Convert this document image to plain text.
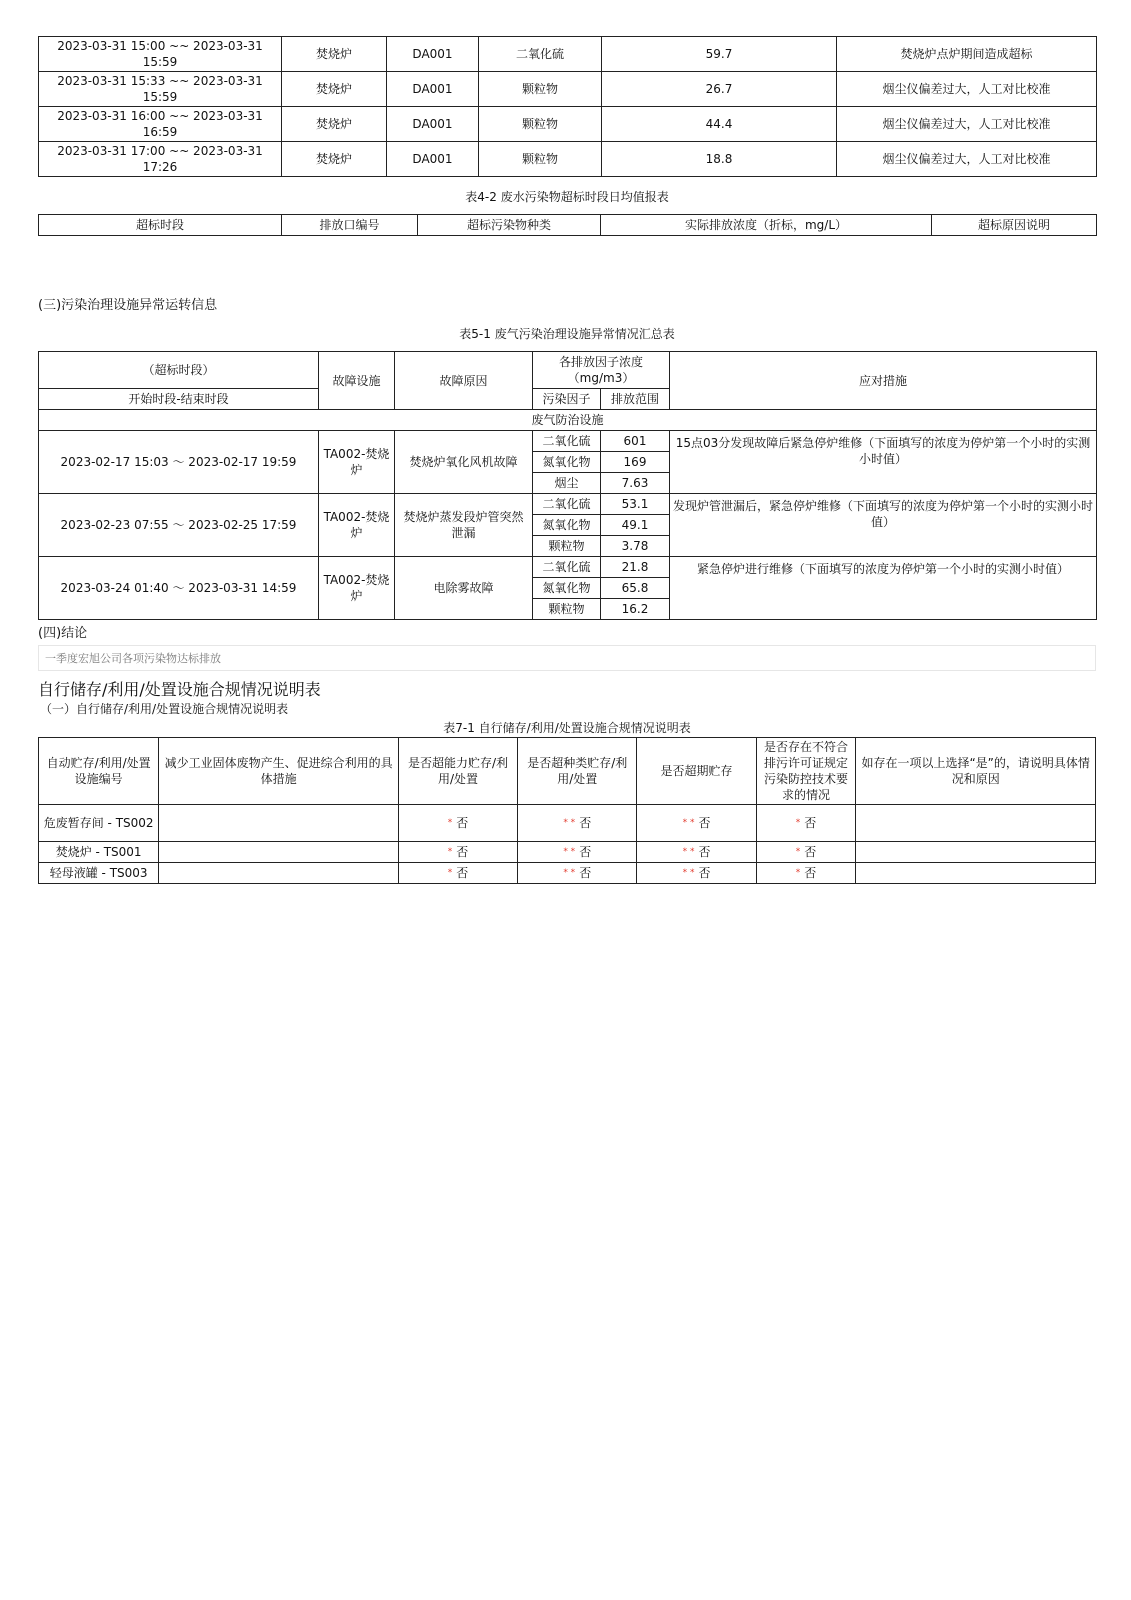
2023-03-31 15:00 ~~ 2023-03-31 15:59	焚烧炉	DA001	二氧化硫	59.7	焚烧炉点炉期间造成超标
2023-03-31 15:33 ~~ 2023-03-31 15:59	焚烧炉	DA001	颗粒物	26.7	烟尘仪偏差过大，人工对比校准
2023-03-31 16:00 ~~ 2023-03-31 16:59	焚烧炉	DA001	颗粒物	44.4	烟尘仪偏差过大，人工对比校准
2023-03-31 17:00 ~~ 2023-03-31 17:26	焚烧炉	DA001	颗粒物	18.8	烟尘仪偏差过大，人工对比校准
表4-2 废水污染物超标时段日均值报表
超标时段	排放口编号	超标污染物种类	实际排放浓度（折标，mg/L）	超标原因说明
(三)污染治理设施异常运转信息
表5-1 废气污染治理设施异常情况汇总表
（超标时段）	故障设施	故障原因	各排放因子浓度（mg/m3）		应对措施
开始时段-结束时段			污染因子	排放范围	
废气防治设施					
2023-02-17 15:03 ～ 2023-02-17 19:59	TA002-焚烧炉	焚烧炉氧化风机故障	二氧化硫	601	15点03分发现故障后紧急停炉维修（下面填写的浓度为停炉第一个小时的实测小时值）
			氮氧化物	169	
			烟尘	7.63	
2023-02-23 07:55 ～ 2023-02-25 17:59	TA002-焚烧炉	焚烧炉蒸发段炉管突然泄漏	二氧化硫	53.1	发现炉管泄漏后，紧急停炉维修（下面填写的浓度为停炉第一个小时的实测小时值）
			氮氧化物	49.1	
			颗粒物	3.78	
2023-03-24 01:40 ～ 2023-03-31 14:59	TA002-焚烧炉	电除雾故障	二氧化硫	21.8	紧急停炉进行维修（下面填写的浓度为停炉第一个小时的实测小时值）
			氮氧化物	65.8	
			颗粒物	16.2	
(四)结论
一季度宏旭公司各项污染物达标排放
自行储存/利用/处置设施合规情况说明表
（一）自行储存/利用/处置设施合规情况说明表
表7-1 自行储存/利用/处置设施合规情况说明表
自动贮存/利用/处置设施编号	减少工业固体废物产生、促进综合利用的具体措施	是否超能力贮存/利用/处置	是否超种类贮存/利用/处置	是否超期贮存	是否存在不符合排污许可证规定污染防控技术要求的情况	如存在一项以上选择“是”的，请说明具体情况和原因
危废暂存间 - TS002		* 否	* * 否	* * 否	* 否	
焚烧炉 - TS001		* 否	* * 否	* * 否	* 否	
轻母液罐 - TS003		* 否	* * 否	* * 否	* 否	
